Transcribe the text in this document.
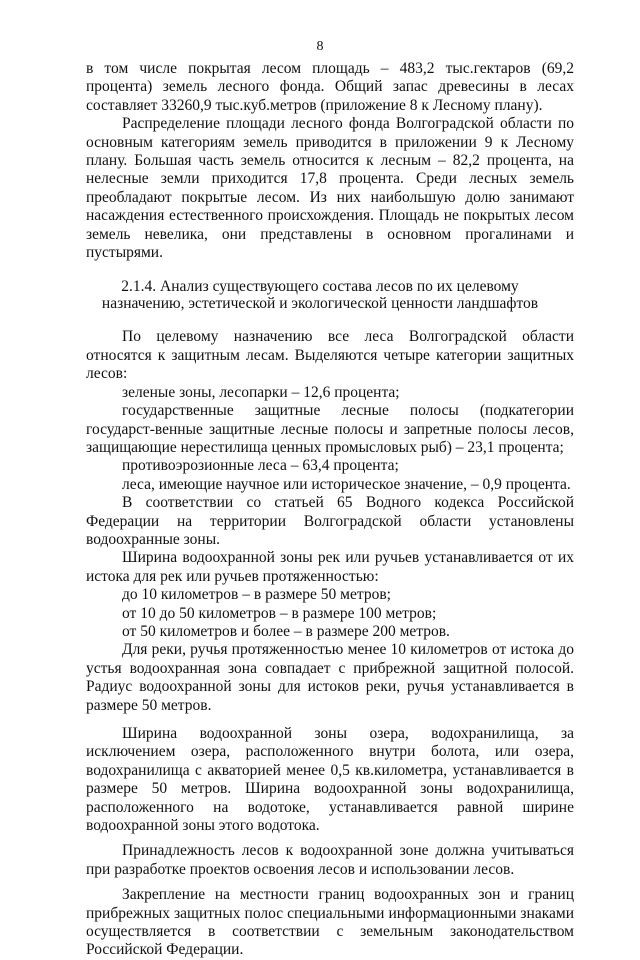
8

в том числе покрытая лесом площадь – 483,2 тыс.гектаров (69,2 процента) земель лесного фонда. Общий запас древесины в лесах составляет 33260,9 тыс.куб.метров (приложение 8 к Лесному плану).

Распределение площади лесного фонда Волгоградской области по основным категориям земель приводится в приложении 9 к Лесному плану. Большая часть земель относится к лесным – 82,2 процента, на нелесные земли приходится 17,8 процента. Среди лесных земель преобладают покрытые лесом. Из них наибольшую долю занимают насаждения естественного происхождения. Площадь не покрытых лесом земель невелика, они представлены в основном прогалинами и пустырями.

2.1.4. Анализ существующего состава лесов по их целевому назначению, эстетической и экологической ценности ландшафтов

По целевому назначению все леса Волгоградской области относятся к защитным лесам. Выделяются четыре категории защитных лесов:

зеленые зоны, лесопарки – 12,6 процента;

государственные защитные лесные полосы (подкатегории государст-венные защитные лесные полосы и запретные полосы лесов, защищающие нерестилища ценных промысловых рыб) – 23,1 процента;

противоэрозионные леса – 63,4 процента;

леса, имеющие научное или историческое значение, – 0,9 процента.

В соответствии со статьей 65 Водного кодекса Российской Федерации на территории Волгоградской области установлены водоохранные зоны.

Ширина водоохранной зоны рек или ручьев устанавливается от их истока для рек или ручьев протяженностью:

до 10 километров – в размере 50 метров;

от 10 до 50 километров – в размере 100 метров;

от 50 километров и более – в размере 200 метров.

Для реки, ручья протяженностью менее 10 километров от истока до устья водоохранная зона совпадает с прибрежной защитной полосой. Радиус водоохранной зоны для истоков реки, ручья устанавливается в размере 50 метров.

Ширина водоохранной зоны озера, водохранилища, за исключением озера, расположенного внутри болота, или озера, водохранилища с акваторией менее 0,5 кв.километра, устанавливается в размере 50 метров. Ширина водоохранной зоны водохранилища, расположенного на водотоке, устанавливается равной ширине водоохранной зоны этого водотока.

Принадлежность лесов к водоохранной зоне должна учитываться при разработке проектов освоения лесов и использовании лесов.

Закрепление на местности границ водоохранных зон и границ прибрежных защитных полос специальными информационными знаками осуществляется в соответствии с земельным законодательством Российской Федерации.
